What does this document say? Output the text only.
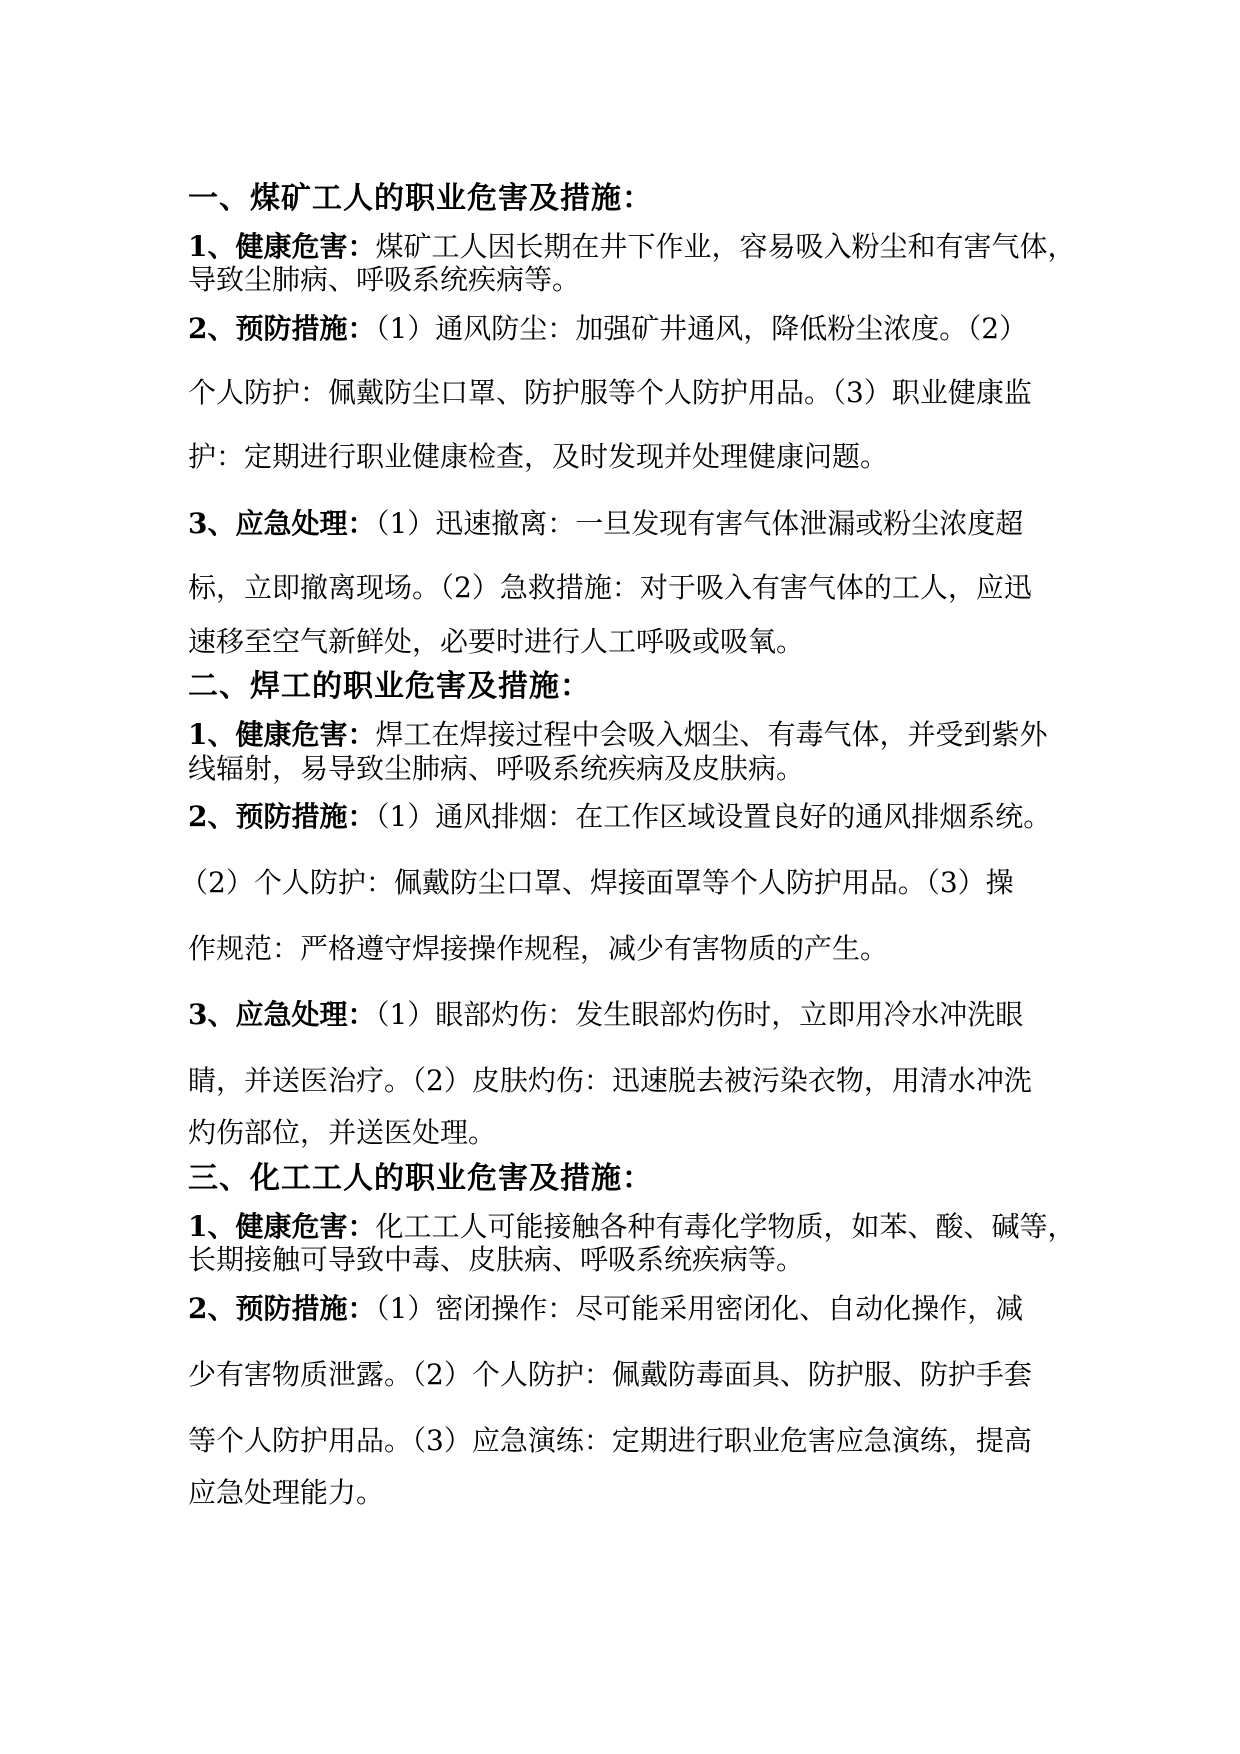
一、煤矿工人的职业危害及措施：
1、健康危害：煤矿工人因长期在井下作业，容易吸入粉尘和有害气体，
导致尘肺病、呼吸系统疾病等。
2、预防措施：（1）通风防尘：加强矿井通风，降低粉尘浓度。（2）
个人防护：佩戴防尘口罩、防护服等个人防护用品。（3）职业健康监
护：定期进行职业健康检查，及时发现并处理健康问题。
3、应急处理：（1）迅速撤离：一旦发现有害气体泄漏或粉尘浓度超
标，立即撤离现场。（2）急救措施：对于吸入有害气体的工人，应迅
速移至空气新鲜处，必要时进行人工呼吸或吸氧。
二、焊工的职业危害及措施：
1、健康危害：焊工在焊接过程中会吸入烟尘、有毒气体，并受到紫外
线辐射，易导致尘肺病、呼吸系统疾病及皮肤病。
2、预防措施：（1）通风排烟：在工作区域设置良好的通风排烟系统。
（2）个人防护：佩戴防尘口罩、焊接面罩等个人防护用品。（3）操
作规范：严格遵守焊接操作规程，减少有害物质的产生。
3、应急处理：（1）眼部灼伤：发生眼部灼伤时，立即用冷水冲洗眼
睛，并送医治疗。（2）皮肤灼伤：迅速脱去被污染衣物，用清水冲洗
灼伤部位，并送医处理。
三、化工工人的职业危害及措施：
1、健康危害：化工工人可能接触各种有毒化学物质，如苯、酸、碱等，
长期接触可导致中毒、皮肤病、呼吸系统疾病等。
2、预防措施：（1）密闭操作：尽可能采用密闭化、自动化操作，减
少有害物质泄露。（2）个人防护：佩戴防毒面具、防护服、防护手套
等个人防护用品。（3）应急演练：定期进行职业危害应急演练，提高
应急处理能力。
